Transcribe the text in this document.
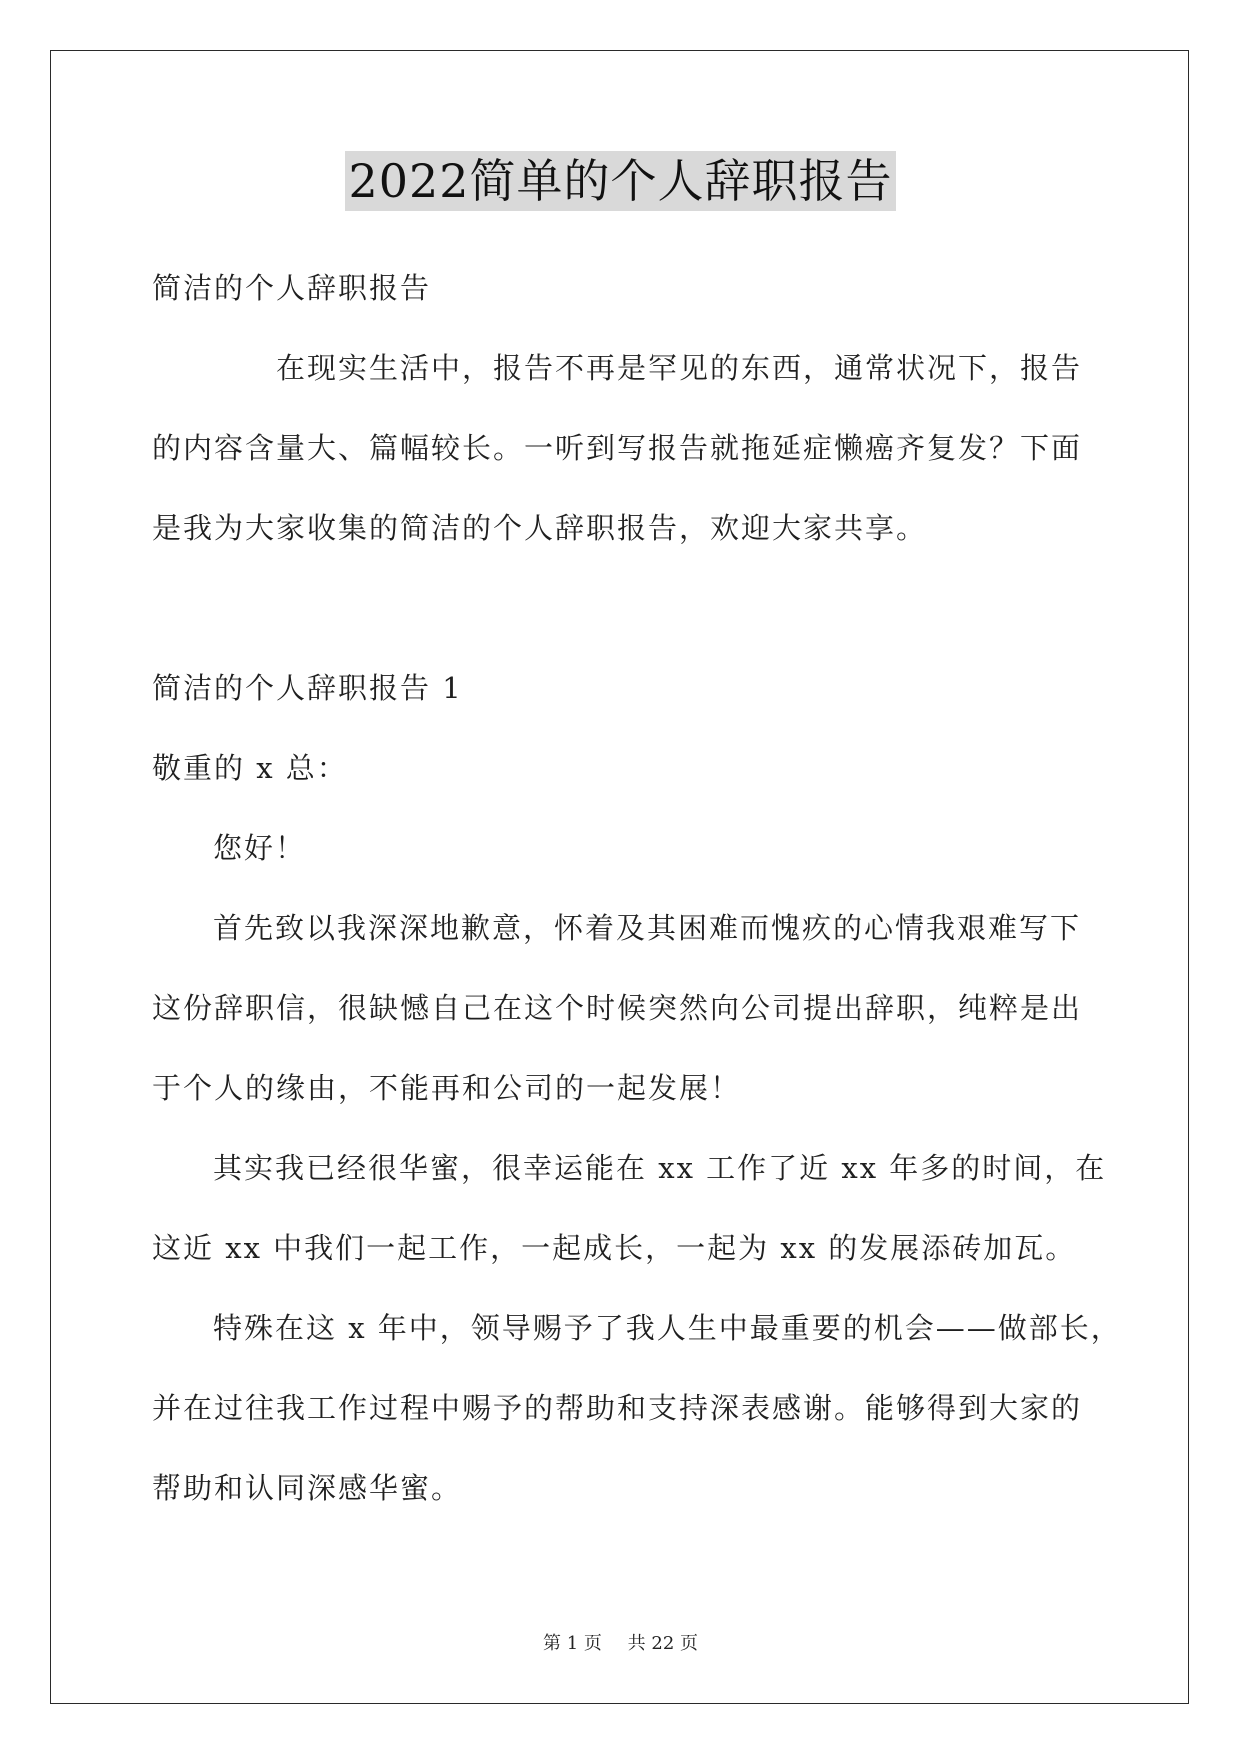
2022简单的个人辞职报告
简洁的个人辞职报告
在现实生活中，报告不再是罕见的东西，通常状况下，报告
的内容含量大、篇幅较长。一听到写报告就拖延症懒癌齐复发？下面
是我为大家收集的简洁的个人辞职报告，欢迎大家共享。
简洁的个人辞职报告 1
敬重的 x 总：
您好！
首先致以我深深地歉意，怀着及其困难而愧疚的心情我艰难写下
这份辞职信，很缺憾自己在这个时候突然向公司提出辞职，纯粹是出
于个人的缘由，不能再和公司的一起发展！
其实我已经很华蜜，很幸运能在 xx 工作了近 xx 年多的时间，在
这近 xx 中我们一起工作，一起成长，一起为 xx 的发展添砖加瓦。
特殊在这 x 年中，领导赐予了我人生中最重要的机会——做部长，
并在过往我工作过程中赐予的帮助和支持深表感谢。能够得到大家的
帮助和认同深感华蜜。
第 1 页 共 22 页
